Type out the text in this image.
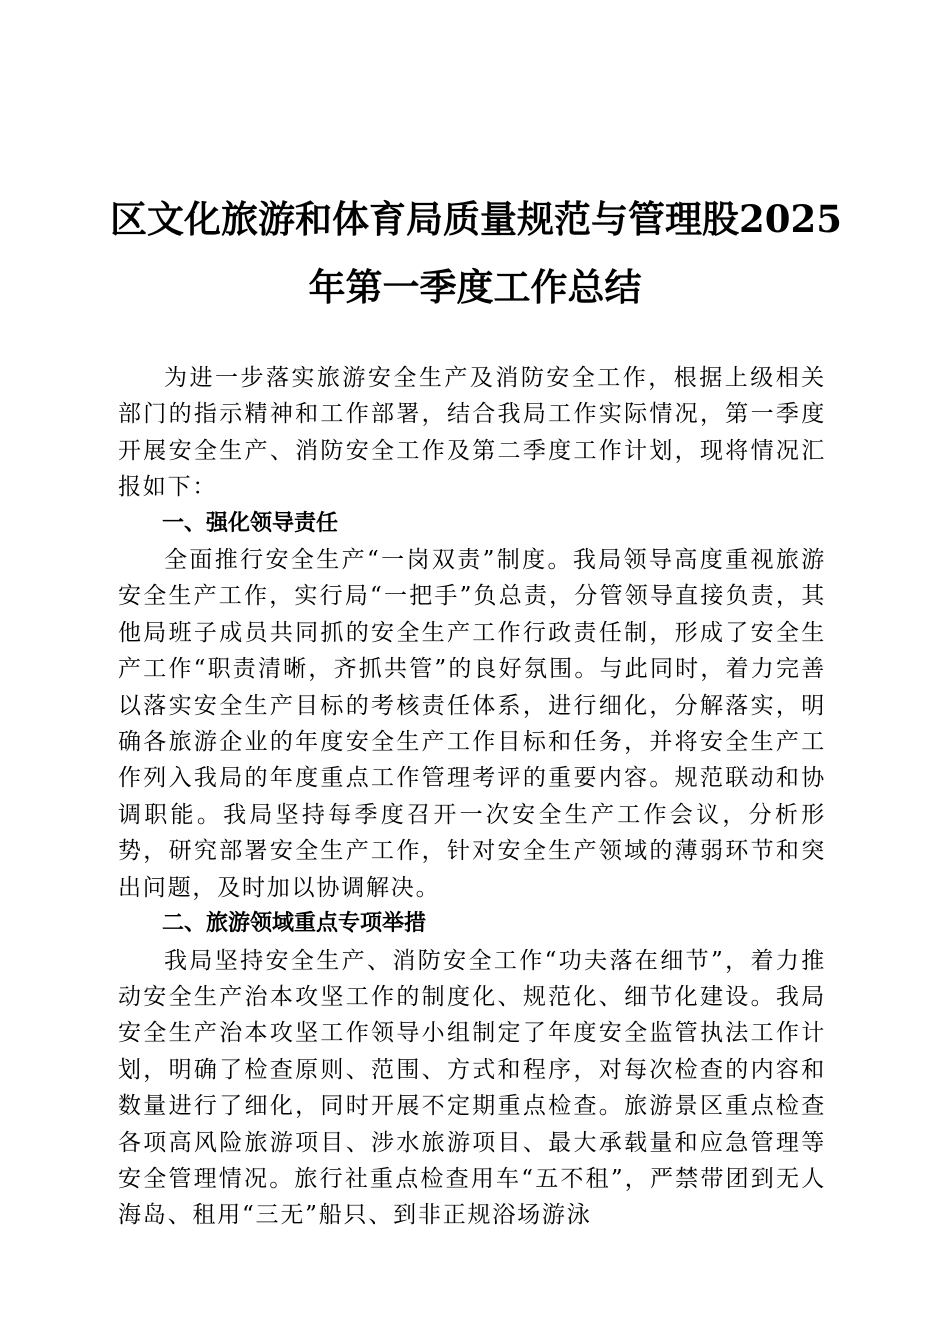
区文化旅游和体育局质量规范与管理股2025
年第一季度工作总结

为进一步落实旅游安全生产及消防安全工作，根据上级相关部门的指示精神和工作部署，结合我局工作实际情况，第一季度开展安全生产、消防安全工作及第二季度工作计划，现将情况汇报如下：

一、强化领导责任

全面推行安全生产“一岗双责”制度。我局领导高度重视旅游安全生产工作，实行局“一把手”负总责，分管领导直接负责，其他局班子成员共同抓的安全生产工作行政责任制，形成了安全生产工作“职责清晰，齐抓共管”的良好氛围。与此同时，着力完善以落实安全生产目标的考核责任体系，进行细化，分解落实，明确各旅游企业的年度安全生产工作目标和任务，并将安全生产工作列入我局的年度重点工作管理考评的重要内容。规范联动和协调职能。我局坚持每季度召开一次安全生产工作会议，分析形势，研究部署安全生产工作，针对安全生产领域的薄弱环节和突出问题，及时加以协调解决。

二、旅游领域重点专项举措

我局坚持安全生产、消防安全工作“功夫落在细节”，着力推动安全生产治本攻坚工作的制度化、规范化、细节化建设。我局安全生产治本攻坚工作领导小组制定了年度安全监管执法工作计划，明确了检查原则、范围、方式和程序，对每次检查的内容和数量进行了细化，同时开展不定期重点检查。旅游景区重点检查各项高风险旅游项目、涉水旅游项目、最大承载量和应急管理等安全管理情况。旅行社重点检查用车“五不租”，严禁带团到无人海岛、租用“三无”船只、到非正规浴场游泳
